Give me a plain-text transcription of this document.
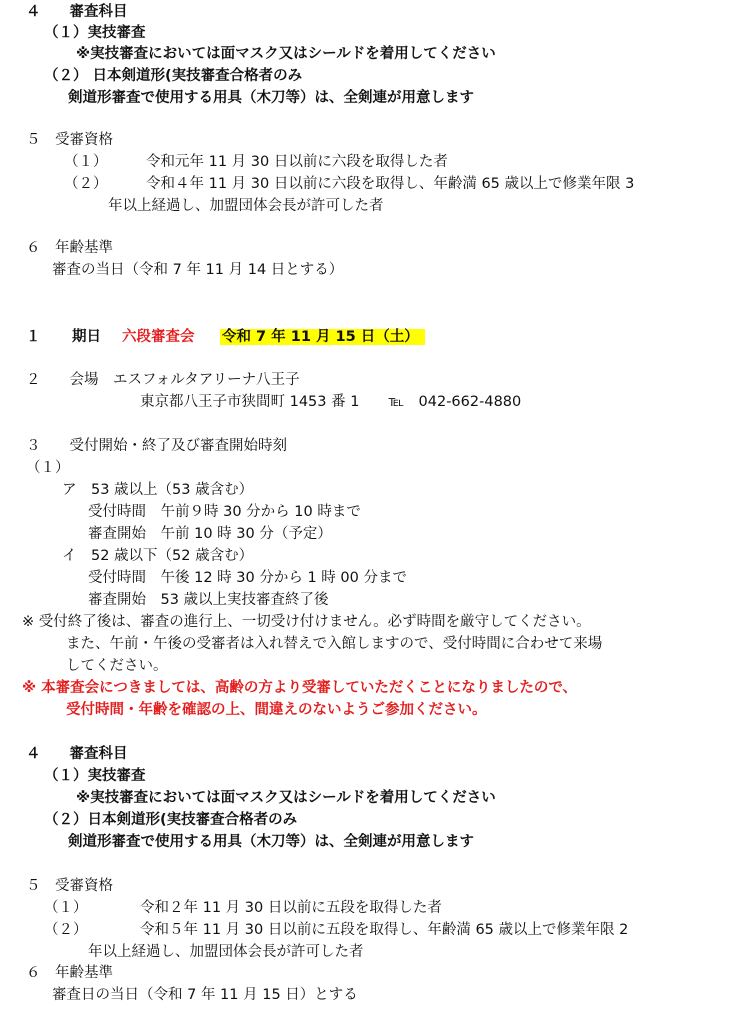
４　　審査科目
（１）実技審査
※実技審査においては面マスク又はシールドを着用してください
（２） 日本剣道形(実技審査合格者のみ
剣道形審査で使用する用具（木刀等）は、全剣連が用意します
５　受審資格
（１）	令和元年 11 月 30 日以前に六段を取得した者
（２）	令和４年 11 月 30 日以前に六段を取得し、年齢満 65 歳以上で修業年限 3
年以上経過し、加盟団体会長が許可した者
６　年齢基準
審査の当日（令和 7 年 11 月 14 日とする）
１ 期日 六段審査会 令和 7 年 11 月 15 日（土）
２　　会場　エスフォルタアリーナ八王子
東京都八王子市狭間町 1453 番 1　　℡　042-662-4880
３　　受付開始・終了及び審査開始時刻
（１）
ア　53 歳以上（53 歳含む）
受付時間　午前９時 30 分から 10 時まで
審査開始　午前 10 時 30 分（予定）
イ　52 歳以下（52 歳含む）
受付時間　午後 12 時 30 分から 1 時 00 分まで
審査開始　53 歳以上実技審査終了後
※ 受付終了後は、審査の進行上、一切受け付けません。必ず時間を厳守してください。
また、午前・午後の受審者は入れ替えで入館しますので、受付時間に合わせて来場
してください。
※ 本審査会につきましては、高齢の方より受審していただくことになりましたので、
受付時間・年齢を確認の上、間違えのないようご参加ください。
４　　審査科目
（１）実技審査
※実技審査においては面マスク又はシールドを着用してください
（２）日本剣道形(実技審査合格者のみ
剣道形審査で使用する用具（木刀等）は、全剣連が用意します
５　受審資格
（１）	令和２年 11 月 30 日以前に五段を取得した者
（２）	令和５年 11 月 30 日以前に五段を取得し、年齢満 65 歳以上で修業年限 2
年以上経過し、加盟団体会長が許可した者
６　年齢基準
審査日の当日（令和 7 年 11 月 15 日）とする
